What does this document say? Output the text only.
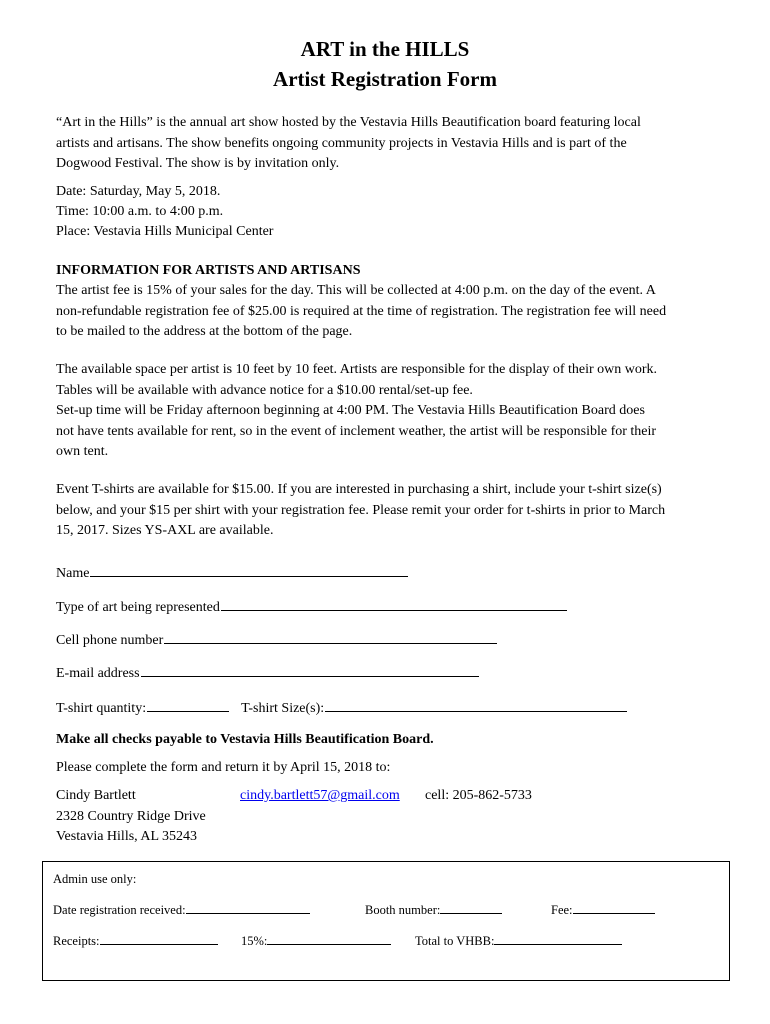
ART in the HILLS
Artist Registration Form
“Art in the Hills” is the annual art show hosted by the Vestavia Hills Beautification board featuring local
artists and artisans. The show benefits ongoing community projects in Vestavia Hills and is part of the
Dogwood Festival. The show is by invitation only.
Date: Saturday, May 5, 2018.
Time: 10:00 a.m. to 4:00 p.m.
Place: Vestavia Hills Municipal Center
INFORMATION FOR ARTISTS AND ARTISANS
The artist fee is 15% of your sales for the day. This will be collected at 4:00 p.m. on the day of the event. A
non-refundable registration fee of $25.00 is required at the time of registration. The registration fee will need
to be mailed to the address at the bottom of the page.
The available space per artist is 10 feet by 10 feet. Artists are responsible for the display of their own work.
Tables will be available with advance notice for a $10.00 rental/set-up fee.
Set-up time will be Friday afternoon beginning at 4:00 PM. The Vestavia Hills Beautification Board does
not have tents available for rent, so in the event of inclement weather, the artist will be responsible for their
own tent.
Event T-shirts are available for $15.00. If you are interested in purchasing a shirt, include your t-shirt size(s)
below, and your $15 per shirt with your registration fee. Please remit your order for t-shirts in prior to March
15, 2017. Sizes YS-AXL are available.
Name
Type of art being represented
Cell phone number
E-mail address
T-shirt quantity:	T-shirt Size(s):
Make all checks payable to Vestavia Hills Beautification Board.
Please complete the form and return it by April 15, 2018 to:
Cindy Bartlett
2328 Country Ridge Drive
Vestavia Hills, AL 35243
cindy.bartlett57@gmail.com cell: 205-862-5733
Admin use only:
Date registration received:	Booth number:	Fee:
Receipts:	15%:	Total to VHBB:
